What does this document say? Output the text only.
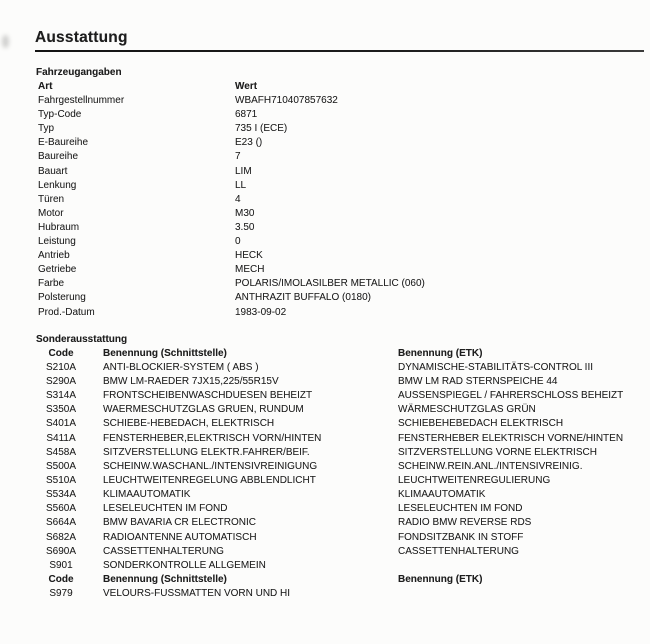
Ausstattung
Fahrzeugangaben
Art	Wert
Fahrgestellnummer	WBAFH710407857632
Typ-Code	6871
Typ	735 I (ECE)
E-Baureihe	E23 ()
Baureihe	7
Bauart	LIM
Lenkung	LL
Türen	4
Motor	M30
Hubraum	3.50
Leistung	0
Antrieb	HECK
Getriebe	MECH
Farbe	POLARIS/IMOLASILBER METALLIC (060)
Polsterung	ANTHRAZIT BUFFALO (0180)
Prod.-Datum	1983-09-02
Sonderausstattung
Code	Benennung (Schnittstelle)	Benennung (ETK)
S210A	ANTI-BLOCKIER-SYSTEM ( ABS )	DYNAMISCHE-STABILITÄTS-CONTROL III
S290A	BMW LM-RAEDER 7JX15,225/55R15V	BMW LM RAD STERNSPEICHE 44
S314A	FRONTSCHEIBENWASCHDUESEN BEHEIZT	AUSSENSPIEGEL / FAHRERSCHLOSS BEHEIZT
S350A	WAERMESCHUTZGLAS GRUEN, RUNDUM	WÄRMESCHUTZGLAS GRÜN
S401A	SCHIEBE-HEBEDACH, ELEKTRISCH	SCHIEBEHEBEDACH ELEKTRISCH
S411A	FENSTERHEBER,ELEKTRISCH VORN/HINTEN	FENSTERHEBER ELEKTRISCH VORNE/HINTEN
S458A	SITZVERSTELLUNG ELEKTR.FAHRER/BEIF.	SITZVERSTELLUNG VORNE ELEKTRISCH
S500A	SCHEINW.WASCHANL./INTENSIVREINIGUNG	SCHEINW.REIN.ANL./INTENSIVREINIG.
S510A	LEUCHTWEITENREGELUNG ABBLENDLICHT	LEUCHTWEITENREGULIERUNG
S534A	KLIMAAUTOMATIK	KLIMAAUTOMATIK
S560A	LESELEUCHTEN IM FOND	LESELEUCHTEN IM FOND
S664A	BMW BAVARIA CR ELECTRONIC	RADIO BMW REVERSE RDS
S682A	RADIOANTENNE AUTOMATISCH	FONDSITZBANK IN STOFF
S690A	CASSETTENHALTERUNG	CASSETTENHALTERUNG
S901	SONDERKONTROLLE ALLGEMEIN
Code	Benennung (Schnittstelle)	Benennung (ETK)
S979	VELOURS-FUSSMATTEN VORN UND HI
